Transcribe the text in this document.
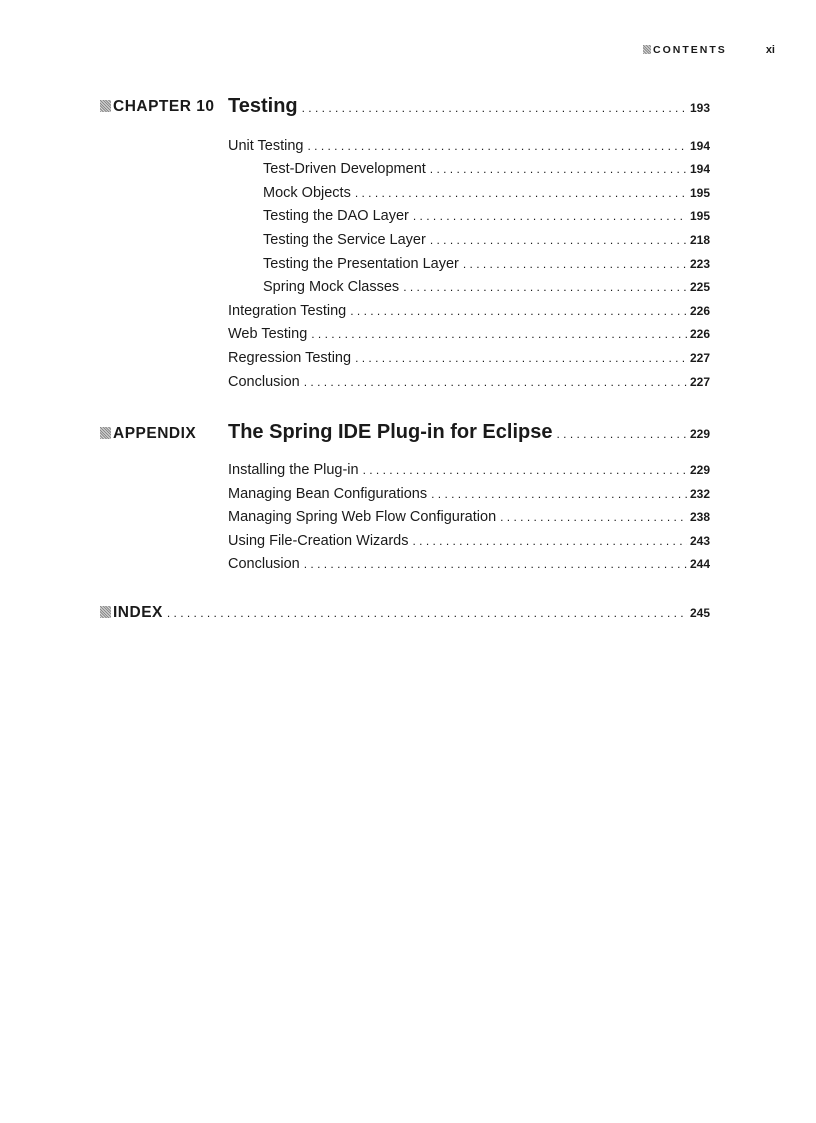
CONTENTS	xi
CHAPTER 10 Testing . . .	193
Unit Testing . . .	194
Test-Driven Development . . .	194
Mock Objects . . .	195
Testing the DAO Layer . . .	195
Testing the Service Layer . . .	218
Testing the Presentation Layer . . .	223
Spring Mock Classes . . .	225
Integration Testing . . .	226
Web Testing . . .	226
Regression Testing . . .	227
Conclusion . . .	227
APPENDIX The Spring IDE Plug-in for Eclipse . . .	229
Installing the Plug-in . . .	229
Managing Bean Configurations . . .	232
Managing Spring Web Flow Configuration . . .	238
Using File-Creation Wizards . . .	243
Conclusion . . .	244
INDEX . . .	245
